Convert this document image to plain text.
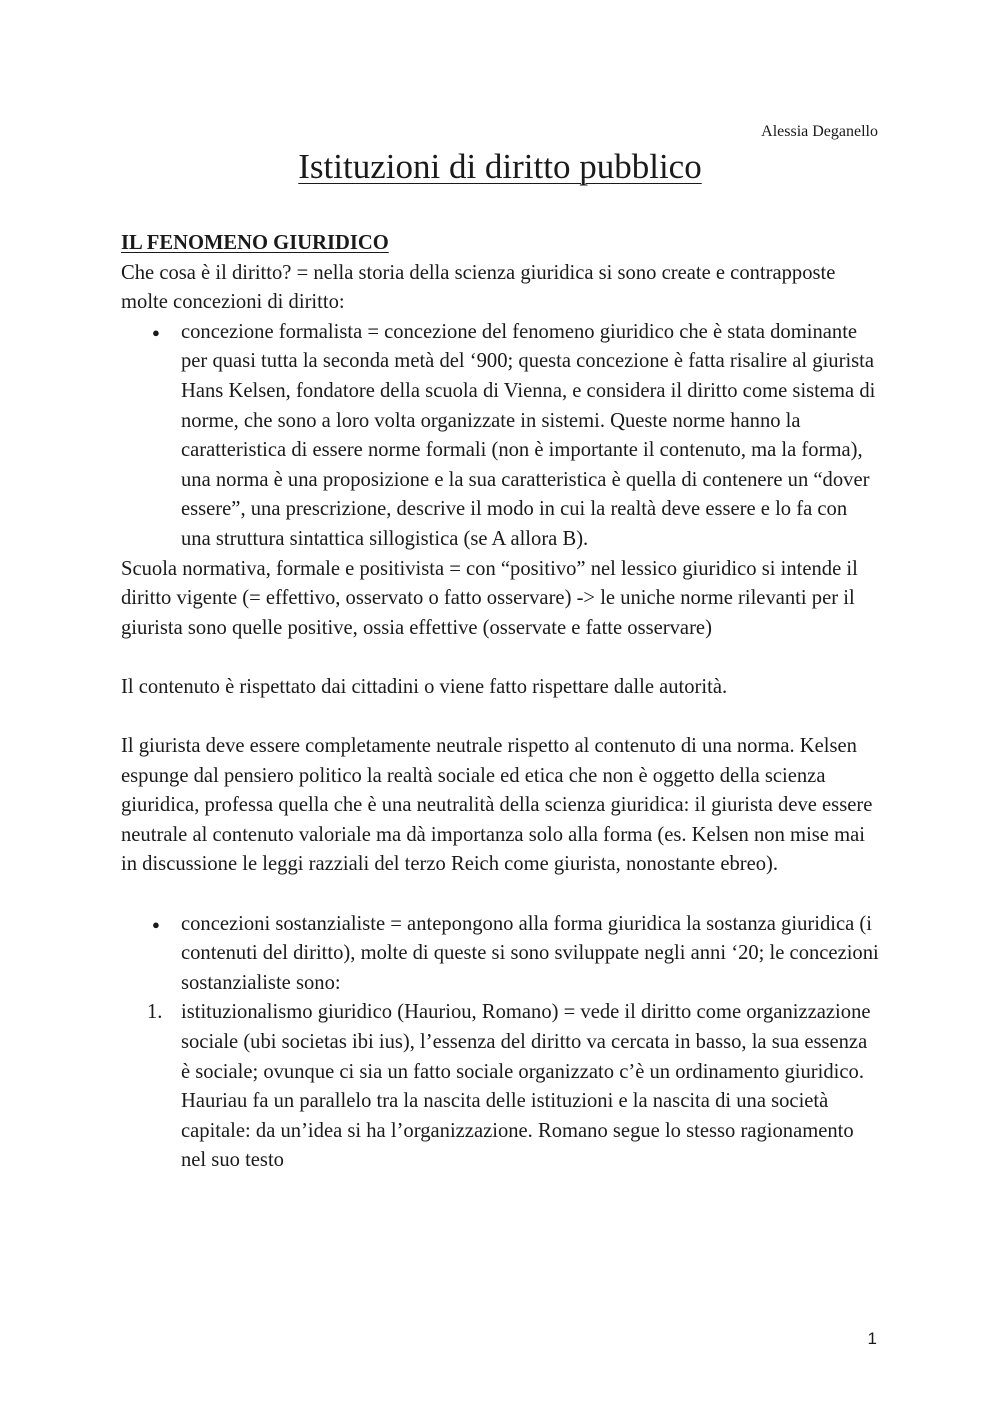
Alessia Deganello
Istituzioni di diritto pubblico

IL FENOMENO GIURIDICO

Che cosa è il diritto? = nella storia della scienza giuridica si sono create e contrapposte molte concezioni di diritto:

● concezione formalista = concezione del fenomeno giuridico che è stata dominante per quasi tutta la seconda metà del ‘900; questa concezione è fatta risalire al giurista Hans Kelsen, fondatore della scuola di Vienna, e considera il diritto come sistema di norme, che sono a loro volta organizzate in sistemi. Queste norme hanno la caratteristica di essere norme formali (non è importante il contenuto, ma la forma), una norma è una proposizione e la sua caratteristica è quella di contenere un “dover essere”, una prescrizione, descrive il modo in cui la realtà deve essere e lo fa con una struttura sintattica sillogistica (se A allora B).

Scuola normativa, formale e positivista = con “positivo” nel lessico giuridico si intende il diritto vigente (= effettivo, osservato o fatto osservare) -> le uniche norme rilevanti per il giurista sono quelle positive, ossia effettive (osservate e fatte osservare)

Il contenuto è rispettato dai cittadini o viene fatto rispettare dalle autorità.

Il giurista deve essere completamente neutrale rispetto al contenuto di una norma. Kelsen espunge dal pensiero politico la realtà sociale ed etica che non è oggetto della scienza giuridica, professa quella che è una neutralità della scienza giuridica: il giurista deve essere neutrale al contenuto valoriale ma dà importanza solo alla forma (es. Kelsen non mise mai in discussione le leggi razziali del terzo Reich come giurista, nonostante ebreo).

● concezioni sostanzialiste = antepongono alla forma giuridica la sostanza giuridica (i contenuti del diritto), molte di queste si sono sviluppate negli anni ‘20; le concezioni sostanzialiste sono:

1. istituzionalismo giuridico (Hauriou, Romano) = vede il diritto come organizzazione sociale (ubi societas ibi ius), l’essenza del diritto va cercata in basso, la sua essenza è sociale; ovunque ci sia un fatto sociale organizzato c’è un ordinamento giuridico. Hauriau fa un parallelo tra la nascita delle istituzioni e la nascita di una società capitale: da un’idea si ha l’organizzazione. Romano segue lo stesso ragionamento nel suo testo

1
